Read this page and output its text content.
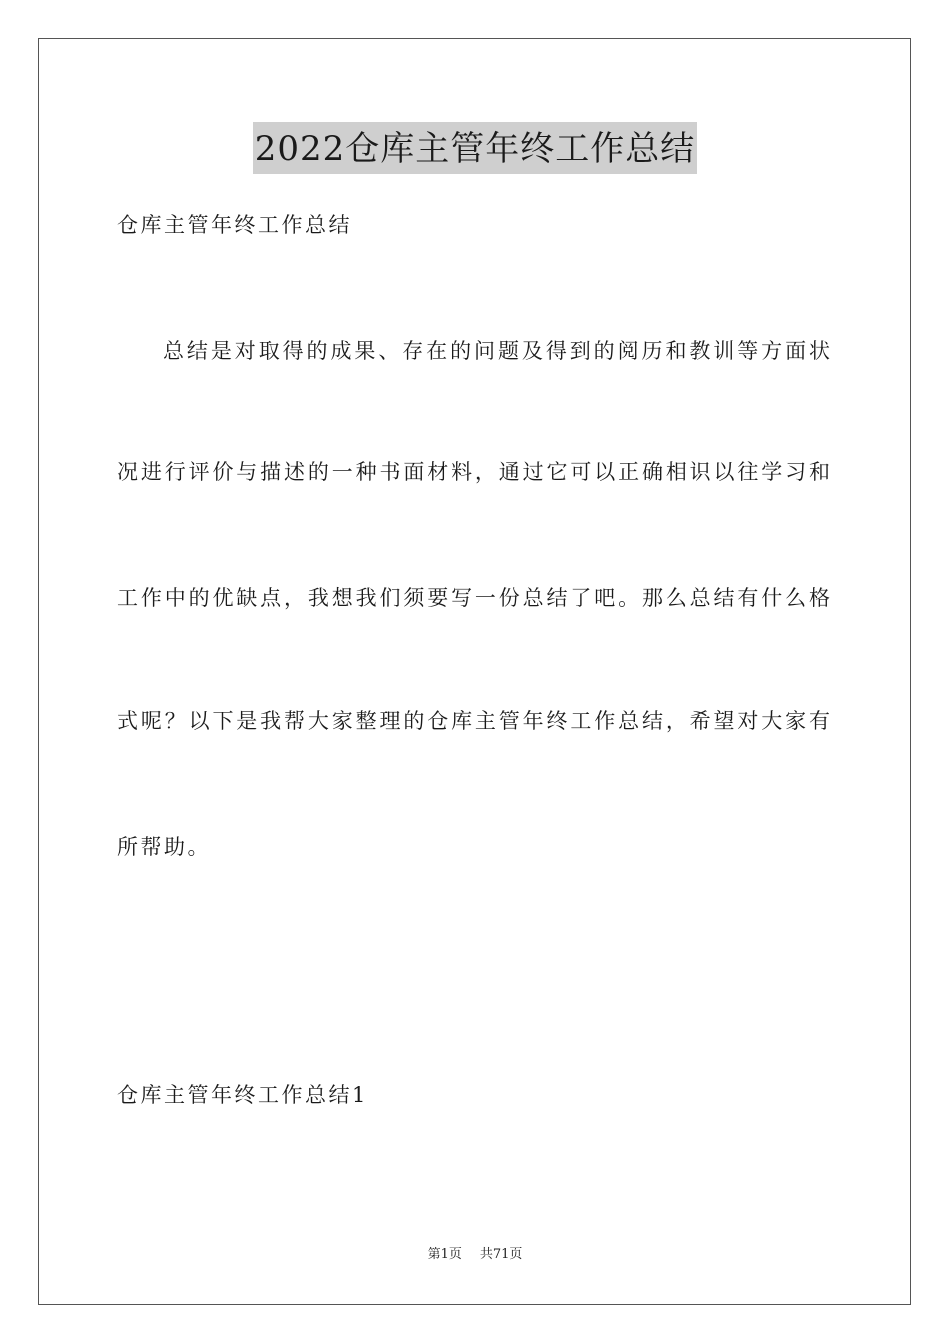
2022仓库主管年终工作总结
仓库主管年终工作总结
总结是对取得的成果、存在的问题及得到的阅历和教训等方面状
况进行评价与描述的一种书面材料，通过它可以正确相识以往学习和
工作中的优缺点，我想我们须要写一份总结了吧。那么总结有什么格
式呢？以下是我帮大家整理的仓库主管年终工作总结，希望对大家有
所帮助。
仓库主管年终工作总结1
第1页 共71页
